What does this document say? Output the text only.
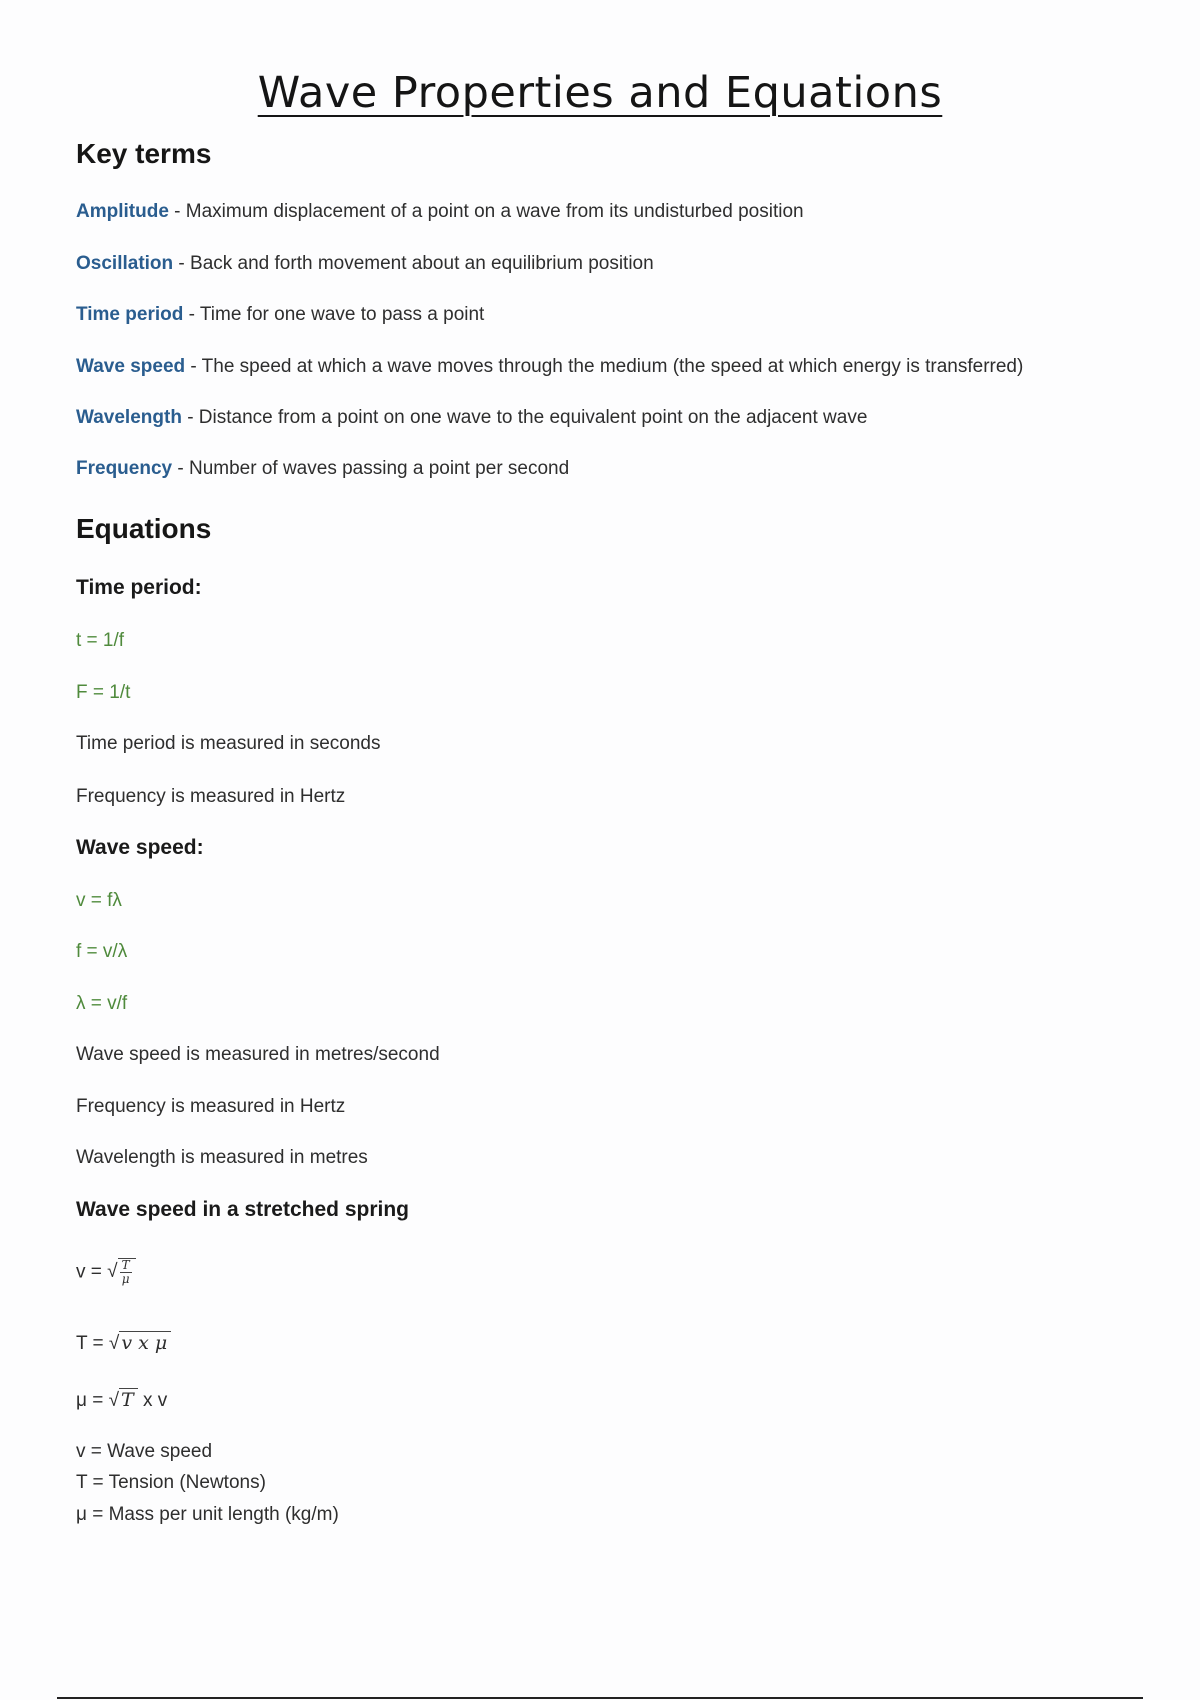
Wave Properties and Equations
Key terms
Amplitude - Maximum displacement of a point on a wave from its undisturbed position
Oscillation - Back and forth movement about an equilibrium position
Time period - Time for one wave to pass a point
Wave speed - The speed at which a wave moves through the medium (the speed at which energy is transferred)
Wavelength - Distance from a point on one wave to the equivalent point on the adjacent wave
Frequency - Number of waves passing a point per second
Equations
Time period:
t = 1/f
F = 1/t
Time period is measured in seconds
Frequency is measured in Hertz
Wave speed:
v = fλ
f = v/λ
λ = v/f
Wave speed is measured in metres/second
Frequency is measured in Hertz
Wavelength is measured in metres
Wave speed in a stretched spring
v = √ $\frac{T}{\mu}$
T = √ v x μ
μ = √ T x v
v = Wave speed
T = Tension (Newtons)
μ = Mass per unit length (kg/m)
